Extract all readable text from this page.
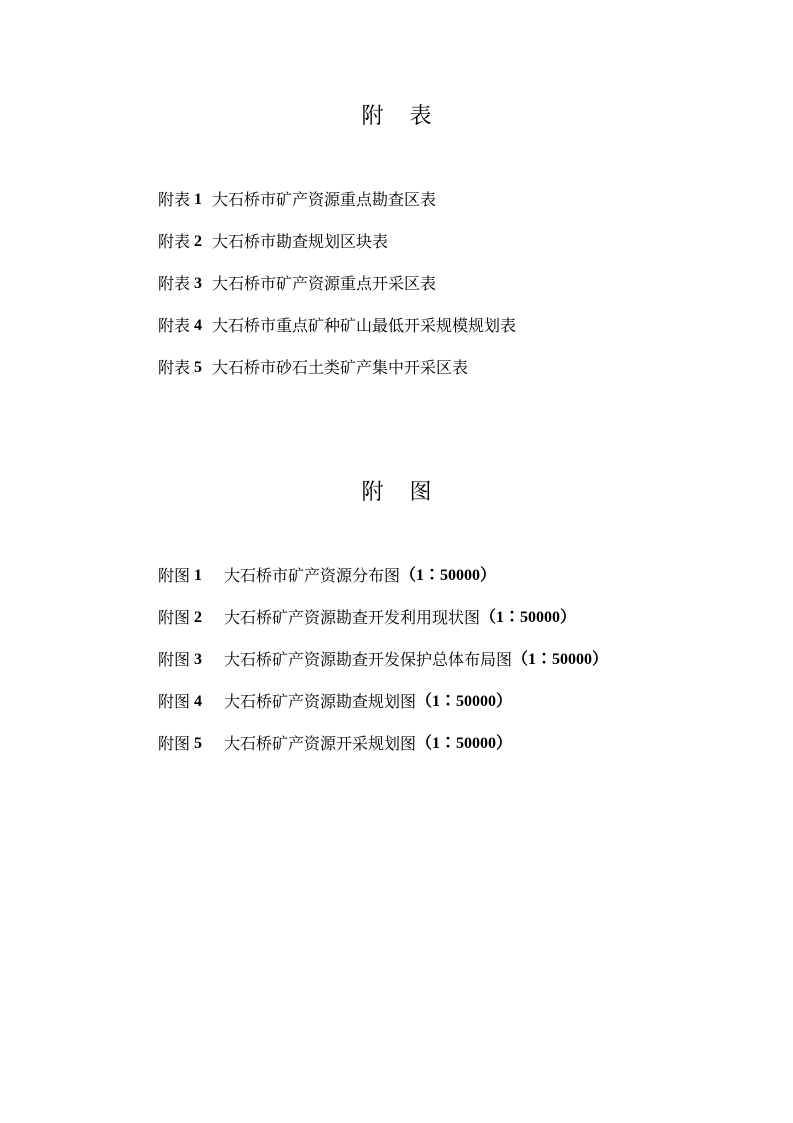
附表
附表 1 大石桥市矿产资源重点勘查区表
附表 2 大石桥市勘查规划区块表
附表 3 大石桥市矿产资源重点开采区表
附表 4 大石桥市重点矿种矿山最低开采规模规划表
附表 5 大石桥市砂石土类矿产集中开采区表
附图
附图 1 大石桥市矿产资源分布图 （1∶50000）
附图 2 大石桥矿产资源勘查开发利用现状图 （1∶50000）
附图 3 大石桥矿产资源勘查开发保护总体布局图 （1∶50000）
附图 4 大石桥矿产资源勘查规划图 （1∶50000）
附图 5 大石桥矿产资源开采规划图 （1∶50000）
